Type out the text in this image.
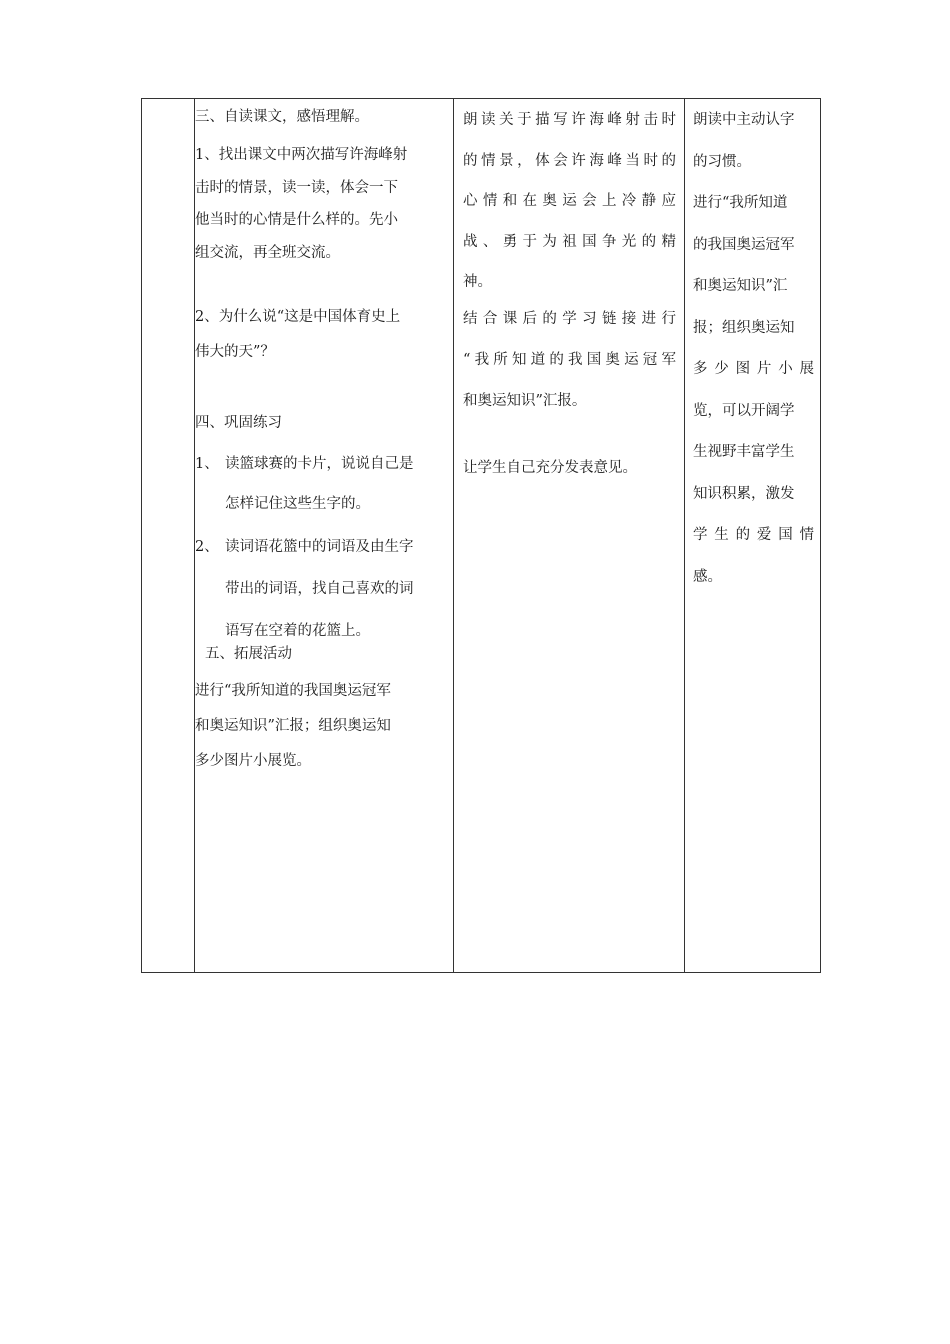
三、自读课文，感悟理解。
1、找出课文中两次描写许海峰射
击时的情景，读一读，体会一下
他当时的心情是什么样的。先小
组交流，再全班交流。
2、为什么说“这是中国体育史上
伟大的天”？
四、巩固练习
1、 读篮球赛的卡片，说说自己是
怎样记住这些生字的。
2、 读词语花篮中的词语及由生字
带出的词语，找自己喜欢的词
语写在空着的花篮上。
五、拓展活动
进行“我所知道的我国奥运冠军
和奥运知识”汇报；组织奥运知
多少图片小展览。
朗读关于描写许海峰射击时
的情景，体会许海峰当时的
心情和在奥运会上冷静应
战、勇于为祖国争光的精
神。
结合课后的学习链接进行
“我所知道的我国奥运冠军
和奥运知识”汇报。
让学生自己充分发表意见。
朗读中主动认字
的习惯。
进行“我所知道
的我国奥运冠军
和奥运知识”汇
报；组织奥运知
多少图片小展
览，可以开阔学
生视野丰富学生
知识积累，激发
学生的爱国情
感。
